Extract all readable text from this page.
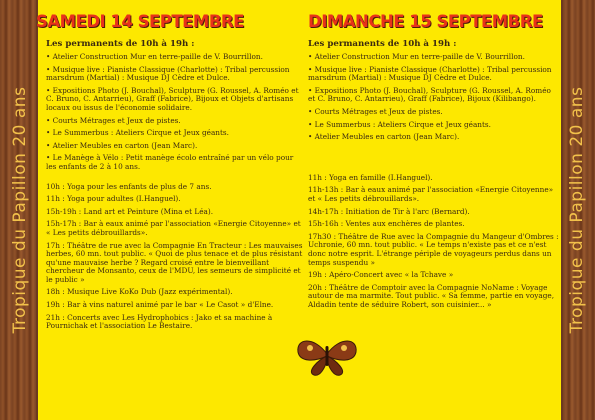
Tropique du Papillon 20 ans	Tropique du Papillon 20 ans
SAMEDI 14 SEPTEMBRE
Les permanents de 10h à 19h :
• Atelier Construction Mur en terre-paille de V. Bourrillon.
• Musique live : Pianiste Classique (Charlotte) : Tribal percussion marsdrum (Martial) : Musique DJ Cèdre et Dulce.
• Expositions Photo (J. Bouchal), Sculpture (G. Roussel, A. Roméo et C. Bruno, C. Antarrieu), Graff (Fabrice), Bijoux et Objets d'artisans locaux ou issus de l'économie solidaire.
• Courts Métrages et Jeux de pistes.
• Le Summerbus : Ateliers Cirque et Jeux géants.
• Atelier Meubles en carton (Jean Marc).
• Le Manège à Vélo : Petit manège écolo entraîné par un vélo pour les enfants de 2 à 10 ans.
10h : Yoga pour les enfants de plus de 7 ans.
11h : Yoga pour adultes (I.Hanguel).
15h-19h : Land art et Peinture (Mina et Léa).
15h-17h : Bar à eaux animé par l'association «Energie Citoyenne» et « Les petits débrouillards».
17h : Théâtre de rue avec la Compagnie En Tracteur : Les mauvaises herbes, 60 mn. tout public. « Quoi de plus tenace et de plus résistant qu'une mauvaise herbe ? Regard croisé entre le bienveillant chercheur de Monsanto, ceux de l'MDU, les semeurs de simplicité et le public »
18h : Musique Live KoKo Dub (Jazz expérimental).
19h : Bar à vins naturel animé par le bar « Le Casot » d'Elne.
21h : Concerts avec Les Hydrophobics : Jako et sa machine à Pournichak et l'association Le Bestaire.
DIMANCHE 15 SEPTEMBRE
Les permanents de 10h à 19h :
• Atelier Construction Mur en terre-paille de V. Bourrillon.
• Musique live : Pianiste Classique (Charlotte) : Tribal percussion marsdrum (Martial) : Musique DJ Cèdre et Dulce.
• Expositions Photo (J. Bouchal), Sculpture (G. Roussel, A. Roméo et C. Bruno, C. Antarrieu), Graff (Fabrice), Bijoux (Kilibango).
• Courts Métrages et Jeux de pistes.
• Le Summerbus : Ateliers Cirque et Jeux géants.
• Atelier Meubles en carton (Jean Marc).
11h : Yoga en famille (I.Hanguel).
11h-13h : Bar à eaux animé par l'association «Energie Citoyenne» et « Les petits débrouillards».
14h-17h : Initiation de Tir à l'arc (Bernard).
15h-16h : Ventes aux enchères de plantes.
17h30 : Théâtre de Rue avec la Compagnie du Mangeur d'Ombres : Uchronie, 60 mn. tout public. « Le temps n'existe pas et ce n'est donc notre esprit. L'étrange périple de voyageurs perdus dans un temps suspendu »
19h : Apéro-Concert avec « la Tchave »
20h : Théâtre de Comptoir avec la Compagnie NoName : Voyage autour de ma marmite. Tout public. « Sa femme, partie en voyage, Aldadin tente de séduire Robert, son cuisinier... »
